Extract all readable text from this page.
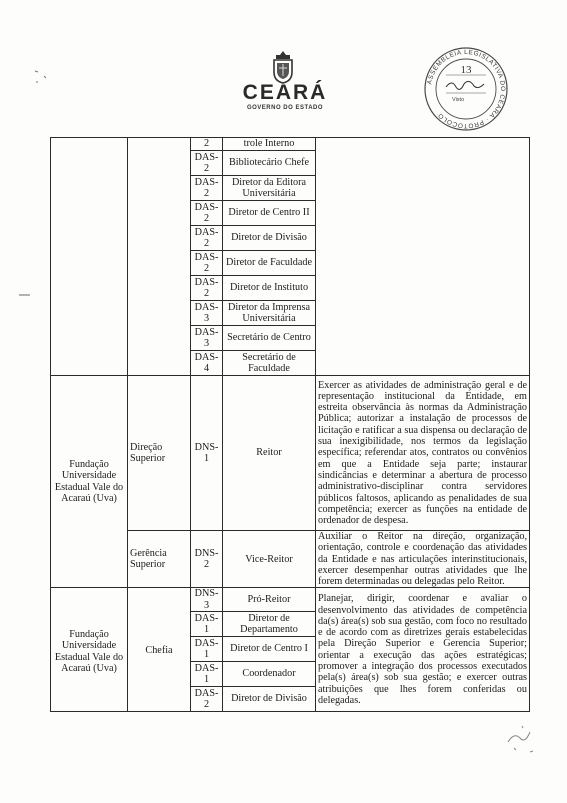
CEARÁ
GOVERNO DO ESTADO
ASSEMBLEIA LEGISLATIVA DO CEARÁ · PROTOCOLO
13
Visto
		2	trole Interno	
		DAS-2	Bibliotecário Chefe	
		DAS-2	Diretor da Editora Universitária	
		DAS-2	Diretor de Centro II	
		DAS-2	Diretor de Divisão	
		DAS-2	Diretor de Faculdade	
		DAS-2	Diretor de Instituto	
		DAS-3	Diretor da Imprensa Universitária	
		DAS-3	Secretário de Centro	
		DAS-4	Secretário de Faculdade	
Fundação Universidade Estadual Vale do Acaraú (Uva)	Direção Superior	DNS-1	Reitor	Exercer as atividades de administração geral e de representação institucional da Entidade, em estreita observância às normas da Administração Pública; autorizar a instalação de processos de licitação e ratificar a sua dispensa ou declaração de sua inexigibilidade, nos termos da legislação específica; referendar atos, contratos ou convênios em que a Entidade seja parte; instaurar sindicâncias e determinar a abertura de processo administrativo-disciplinar contra servidores públicos faltosos, aplicando as penalidades de sua competência; exercer as funções na entidade de ordenador de despesa.
	Gerência Superior	DNS-2	Vice-Reitor	Auxiliar o Reitor na direção, organização, orientação, controle e coordenação das atividades da Entidade e nas articulações interinstitucionais, exercer desempenhar outras atividades que lhe forem determinadas ou delegadas pelo Reitor.
Fundação Universidade Estadual Vale do Acaraú (Uva)	Chefia	DNS-3	Pró-Reitor	Planejar, dirigir, coordenar e avaliar o desenvolvimento das atividades de competência da(s) área(s) sob sua gestão, com foco no resultado e de acordo com as diretrizes gerais estabelecidas pela Direção Superior e Gerencia Superior; orientar a execução das ações estratégicas; promover a integração dos processos executados pela(s) área(s) sob sua gestão; e exercer outras atribuições que lhes forem conferidas ou delegadas.
		DAS-1	Diretor de Departamento	
		DAS-1	Diretor de Centro I	
		DAS-1	Coordenador	
		DAS-2	Diretor de Divisão	
